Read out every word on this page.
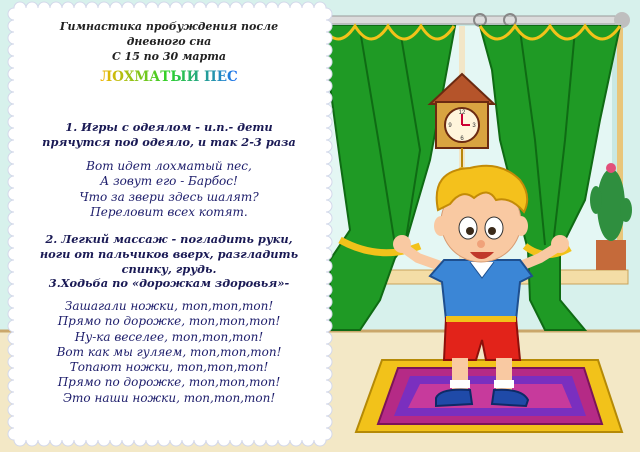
12
3
6
9
Гимнастика пробуждения после
дневного сна
С 15 по 30 марта
ЛОХМАТЫЙ ПЕС
1. Игры с одеялом - и.п.- дети
прячутся под одеяло, и так 2-3 раза
Вот идет лохматый пес,
А зовут его - Барбос!
Что за звери здесь шалят?
Переловит всех котят.
2. Легкий массаж - погладить руки,
ноги от пальчиков вверх, разгладить
спинку, грудь.
3.Ходьба по «дорожкам здоровья»-
Зашагали ножки, топ,топ,топ!
Прямо по дорожке, топ,топ,топ!
Ну-ка веселее, топ,топ,топ!
Вот как мы гуляем, топ,топ,топ!
Топают ножки, топ,топ,топ!
Прямо по дорожке, топ,топ,топ!
Это наши ножки, топ,топ,топ!
